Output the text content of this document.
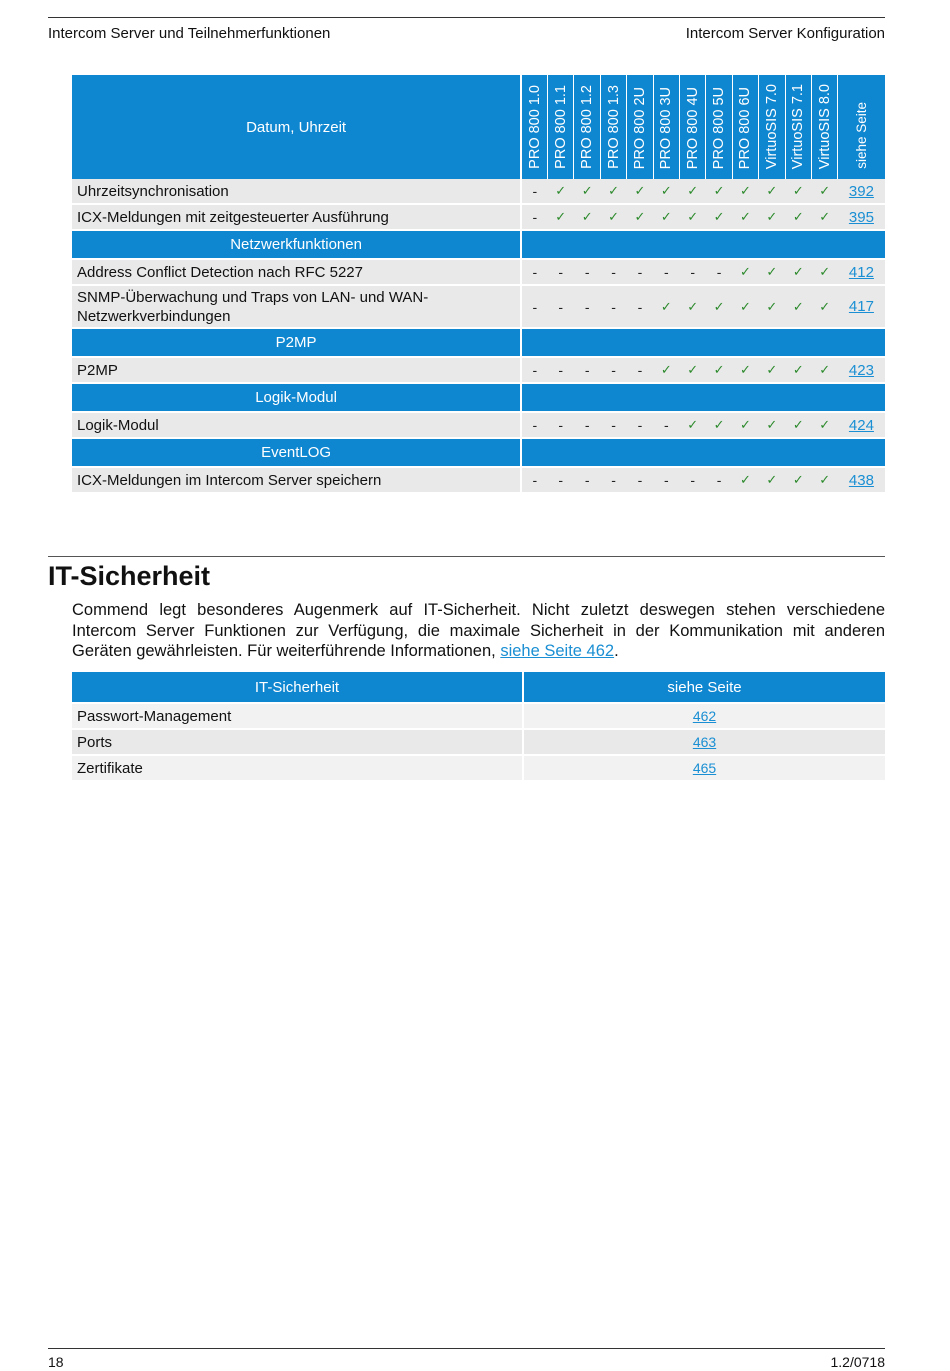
Intercom Server und Teilnehmerfunktionen	Intercom Server Konfiguration
Datum, Uhrzeit	PRO 800 1.0	PRO 800 1.1	PRO 800 1.2	PRO 800 1.3	PRO 800 2U	PRO 800 3U	PRO 800 4U	PRO 800 5U	PRO 800 6U	VirtuoSIS 7.0	VirtuoSIS 7.1	VirtuoSIS 8.0	siehe Seite

Uhrzeitsynchronisation	-	✓	✓	✓	✓	✓	✓	✓	✓	✓	✓	✓	392
ICX-Meldungen mit zeitgesteuerter Ausführung	-	✓	✓	✓	✓	✓	✓	✓	✓	✓	✓	✓	395
Netzwerkfunktionen													
Address Conflict Detection nach RFC 5227	-	-	-	-	-	-	-	-	✓	✓	✓	✓	412
SNMP-Überwachung und Traps von LAN- und WAN-Netzwerkverbindungen	-	-	-	-	-	✓	✓	✓	✓	✓	✓	✓	417
P2MP													
P2MP	-	-	-	-	-	✓	✓	✓	✓	✓	✓	✓	423
Logik-Modul													
Logik-Modul	-	-	-	-	-	-	✓	✓	✓	✓	✓	✓	424
EventLOG													
ICX-Meldungen im Intercom Server speichern	-	-	-	-	-	-	-	-	✓	✓	✓	✓	438
IT-Sicherheit

Commend legt besonderes Augenmerk auf IT-Sicherheit. Nicht zuletzt deswegen stehen verschiedene Intercom Server Funktionen zur Verfügung, die maximale Sicherheit in der Kommunikation mit anderen Geräten gewährleisten. Für weiterführende Informationen, siehe Seite 462.

IT-Sicherheit	siehe Seite
Passwort-Management	462
Ports	463
Zertifikate	465
18	1.2/0718
